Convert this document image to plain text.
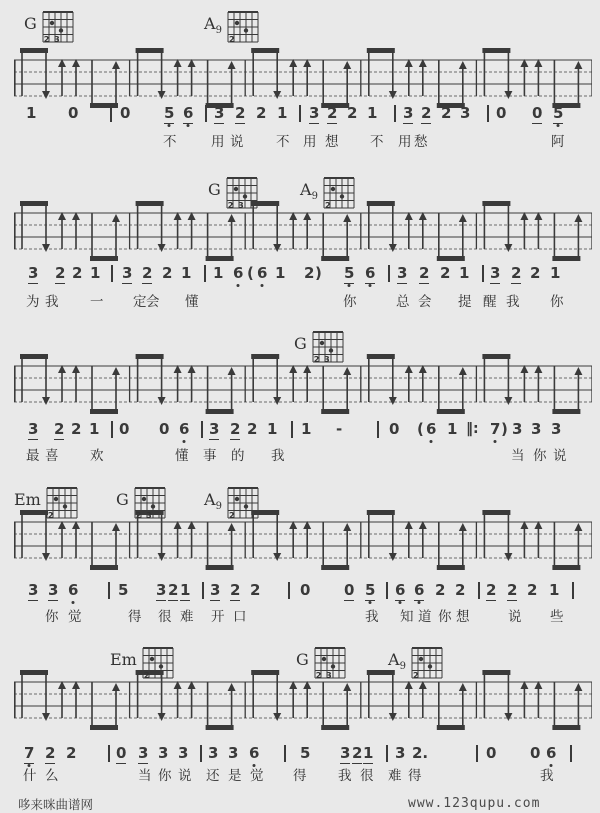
哆来咪曲谱网	www.123qupu.com
G
2 3
$A_9$
2
1 0	0 5 6 3 2 2 1 3 2 2 1 3 2 2 3 0 0 5
不	用 说 不 用 想 不 用 愁	阿
G
2 3
$A_9$
2
3 2 2 1 3 2 2 1 1 6 ( 6 1 2 ) 5 6 3 2 2 1 3 2 2 1
为 我 一 定 会 懂	你	总 会 提 醒 我 你
G
2 3
3 2 2 1 0 0 6 3 2 2 1 1 -	0 ( 6 1 ‖: 7 ) 3 3 3
最 喜 欢	懂 事 的 我	当 你 说
Em
2
G
2 3
$A_9$
2
3 3 6	5 3 2 1 3 2 2	0 0 5 6 6 2 2 2 2 2 1
你 觉	得 很 难 开 口	我 知 道 你 想	说 些
Em
2
G
2 3
$A_9$
2
7 2 2	0 3 3 3 3 3 6	5 3 2 1 3 2.	0 0 6
什 么	当 你 说 还 是 觉 得 我 很 难 得	我
